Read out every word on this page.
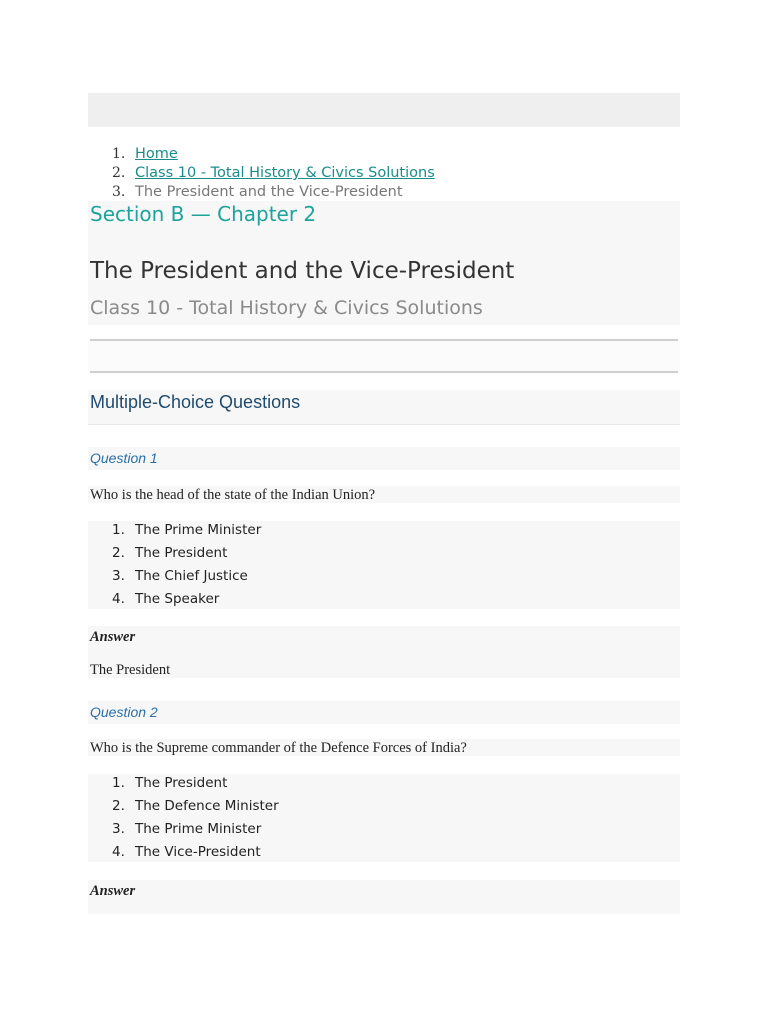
1. Home
2. Class 10 - Total History & Civics Solutions
3. The President and the Vice-President
Section B — Chapter 2
The President and the Vice-President

Class 10 - Total History & Civics Solutions

Multiple-Choice Questions

Question 1

Who is the head of the state of the Indian Union?

1. The Prime Minister
2. The President
3. The Chief Justice
4. The Speaker

Answer

The President

Question 2

Who is the Supreme commander of the Defence Forces of India?

1. The President
2. The Defence Minister
3. The Prime Minister
4. The Vice-President

Answer
